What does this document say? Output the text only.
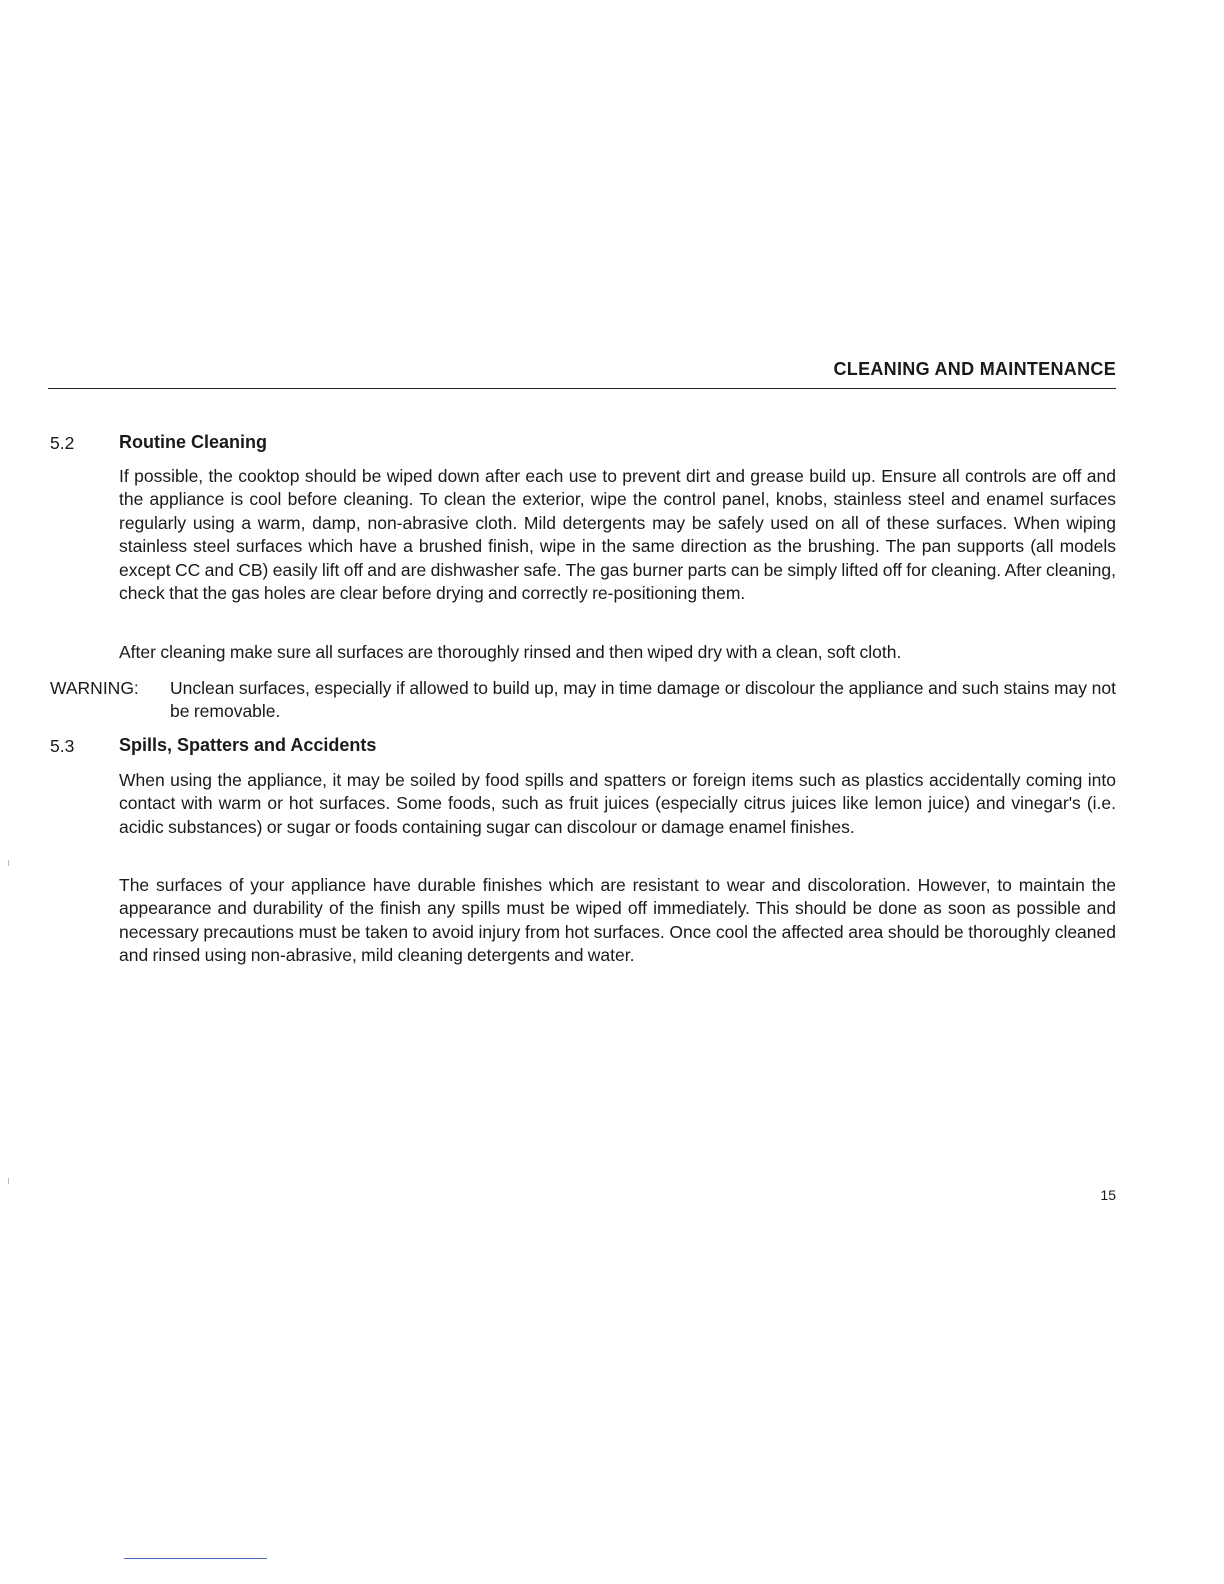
CLEANING AND MAINTENANCE
5.2 Routine Cleaning

If possible, the cooktop should be wiped down after each use to prevent dirt and grease build up. Ensure all controls are off and the appliance is cool before cleaning. To clean the exterior, wipe the control panel, knobs, stainless steel and enamel surfaces regularly using a warm, damp, non-abrasive cloth. Mild detergents may be safely used on all of these surfaces. When wiping stainless steel surfaces which have a brushed finish, wipe in the same direction as the brushing. The pan supports (all models except CC and CB) easily lift off and are dishwasher safe. The gas burner parts can be simply lifted off for cleaning. After cleaning, check that the gas holes are clear before drying and correctly re-positioning them.

After cleaning make sure all surfaces are thoroughly rinsed and then wiped dry with a clean, soft cloth.

WARNING: Unclean surfaces, especially if allowed to build up, may in time damage or discolour the appliance and such stains may not be removable.

5.3 Spills, Spatters and Accidents

When using the appliance, it may be soiled by food spills and spatters or foreign items such as plastics accidentally coming into contact with warm or hot surfaces. Some foods, such as fruit juices (especially citrus juices like lemon juice) and vinegar's (i.e. acidic substances) or sugar or foods containing sugar can discolour or damage enamel finishes.

The surfaces of your appliance have durable finishes which are resistant to wear and discoloration. However, to maintain the appearance and durability of the finish any spills must be wiped off immediately. This should be done as soon as possible and necessary precautions must be taken to avoid injury from hot surfaces. Once cool the affected area should be thoroughly cleaned and rinsed using non-abrasive, mild cleaning detergents and water.

15
